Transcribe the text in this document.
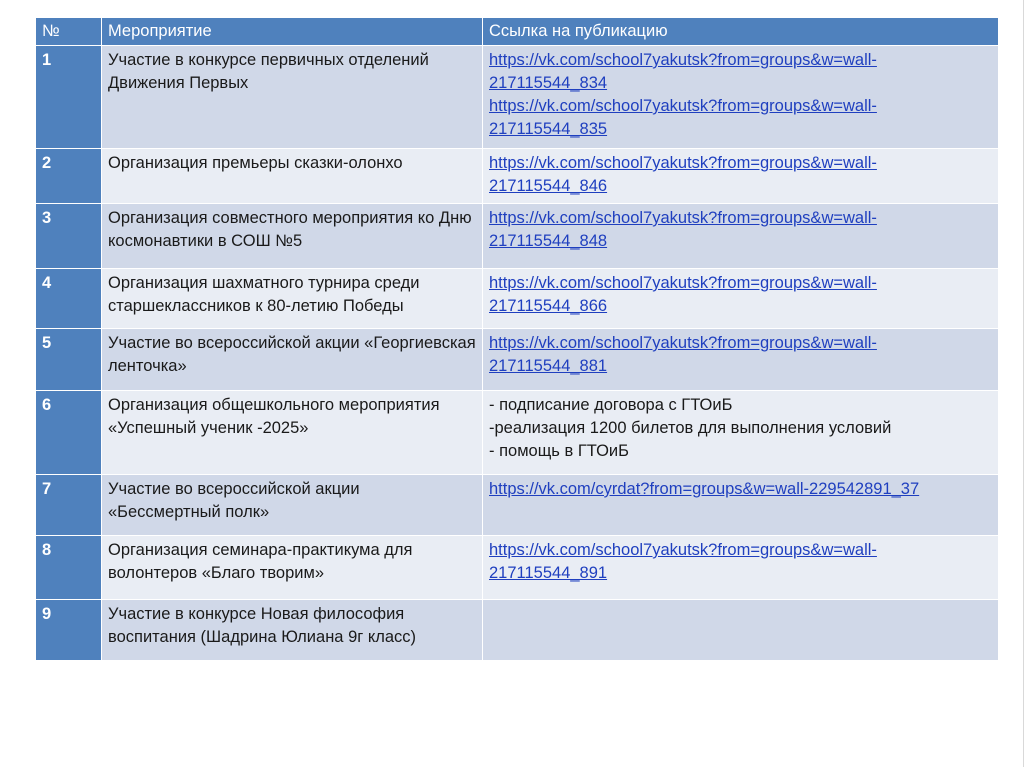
№	Мероприятие	Ссылка на публикацию
1	Участие в конкурсе первичных отделений Движения Первых	https://vk.com/school7yakutsk?from=groups&w=wall-217115544_834
https://vk.com/school7yakutsk?from=groups&w=wall-217115544_835

2	Организация премьеры сказки-олонхо	https://vk.com/school7yakutsk?from=groups&w=wall-217115544_846

3	Организация совместного мероприятия ко Дню космонавтики в СОШ №5	https://vk.com/school7yakutsk?from=groups&w=wall-217115544_848

4	Организация шахматного турнира среди старшеклассников к 80-летию Победы	https://vk.com/school7yakutsk?from=groups&w=wall-217115544_866

5	Участие во всероссийской акции «Георгиевская ленточка»	https://vk.com/school7yakutsk?from=groups&w=wall-217115544_881

6	Организация общешкольного мероприятия «Успешный ученик -2025»	- подписание договора с ГТОиБ
-реализация 1200 билетов для выполнения условий
- помощь в ГТОиБ

7	Участие во всероссийской акции «Бессмертный полк»	https://vk.com/cyrdat?from=groups&w=wall-229542891_37

8	Организация семинара-практикума для волонтеров «Благо творим»	https://vk.com/school7yakutsk?from=groups&w=wall-217115544_891

9	Участие в конкурсе Новая философия воспитания (Шадрина Юлиана 9г класс)	
